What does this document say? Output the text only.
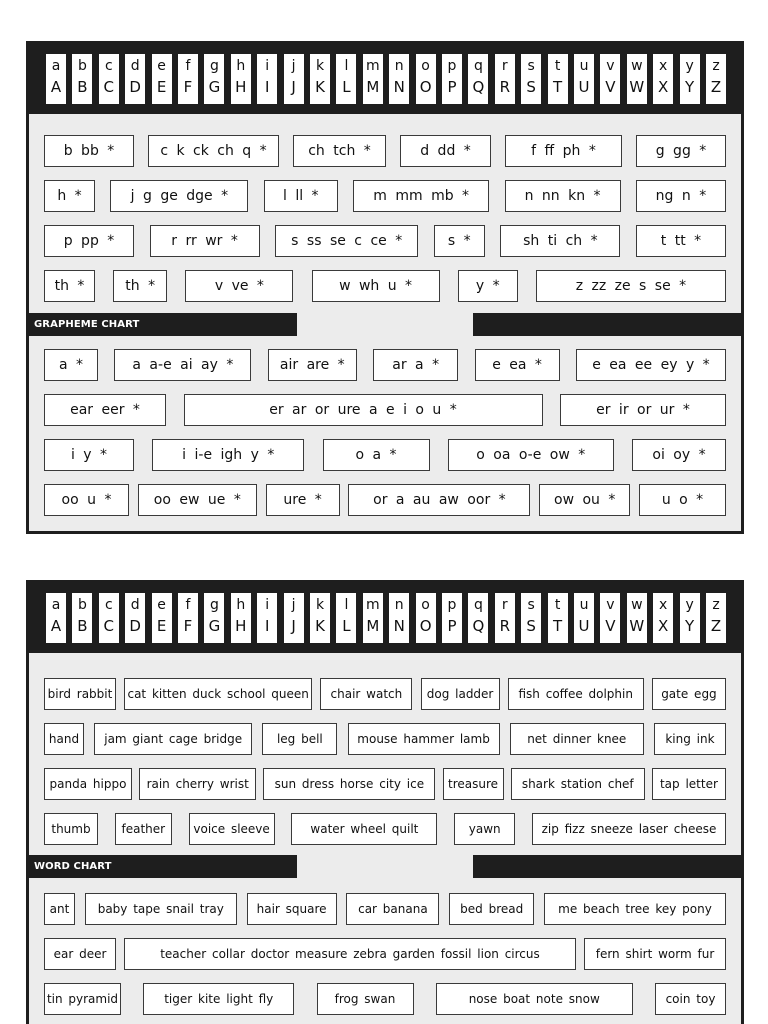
a
A
b
B
c
C
d
D
e
E
f
F
g
G
h
H
i
I
j
J
k
K
l
L
m
M
n
N
o
O
p
P
q
Q
r
R
s
S
t
T
u
U
v
V
w
W
x
X
y
Y
z
Z
b bb *	c k ck ch q *	ch tch *	d dd *	f ff ph *	g gg *
h *	j g ge dge *	l ll *	m mm mb *	n nn kn *	ng n *
p pp *	r rr wr *	s ss se c ce *	s *	sh ti ch *	t tt *
th *	th *	v ve *	w wh u *	y *	z zz ze s se *
GRAPHEME CHART
a *	a a-e ai ay *	air are *	ar a *	e ea *	e ea ee ey y *
ear eer *	er ar or ure a e i o u *	er ir or ur *
i y *	i i-e igh y *	o a *	o oa o-e ow *	oi oy *
oo u *	oo ew ue *	ure *	or a au aw oor *	ow ou *	u o *
a
A
b
B
c
C
d
D
e
E
f
F
g
G
h
H
i
I
j
J
k
K
l
L
m
M
n
N
o
O
p
P
q
Q
r
R
s
S
t
T
u
U
v
V
w
W
x
X
y
Y
z
Z
bird rabbit	cat kitten duck school queen	chair watch	dog ladder	fish coffee dolphin	gate egg
hand	jam giant cage bridge	leg bell	mouse hammer lamb	net dinner knee	king ink
panda hippo	rain cherry wrist	sun dress horse city ice	treasure	shark station chef	tap letter
thumb	feather	voice sleeve	water wheel quilt	yawn	zip fizz sneeze laser cheese
WORD CHART
ant	baby tape snail tray	hair square	car banana	bed bread	me beach tree key pony
ear deer	teacher collar doctor measure zebra garden fossil lion circus	fern shirt worm fur
tin pyramid	tiger kite light fly	frog swan	nose boat note snow	coin toy
